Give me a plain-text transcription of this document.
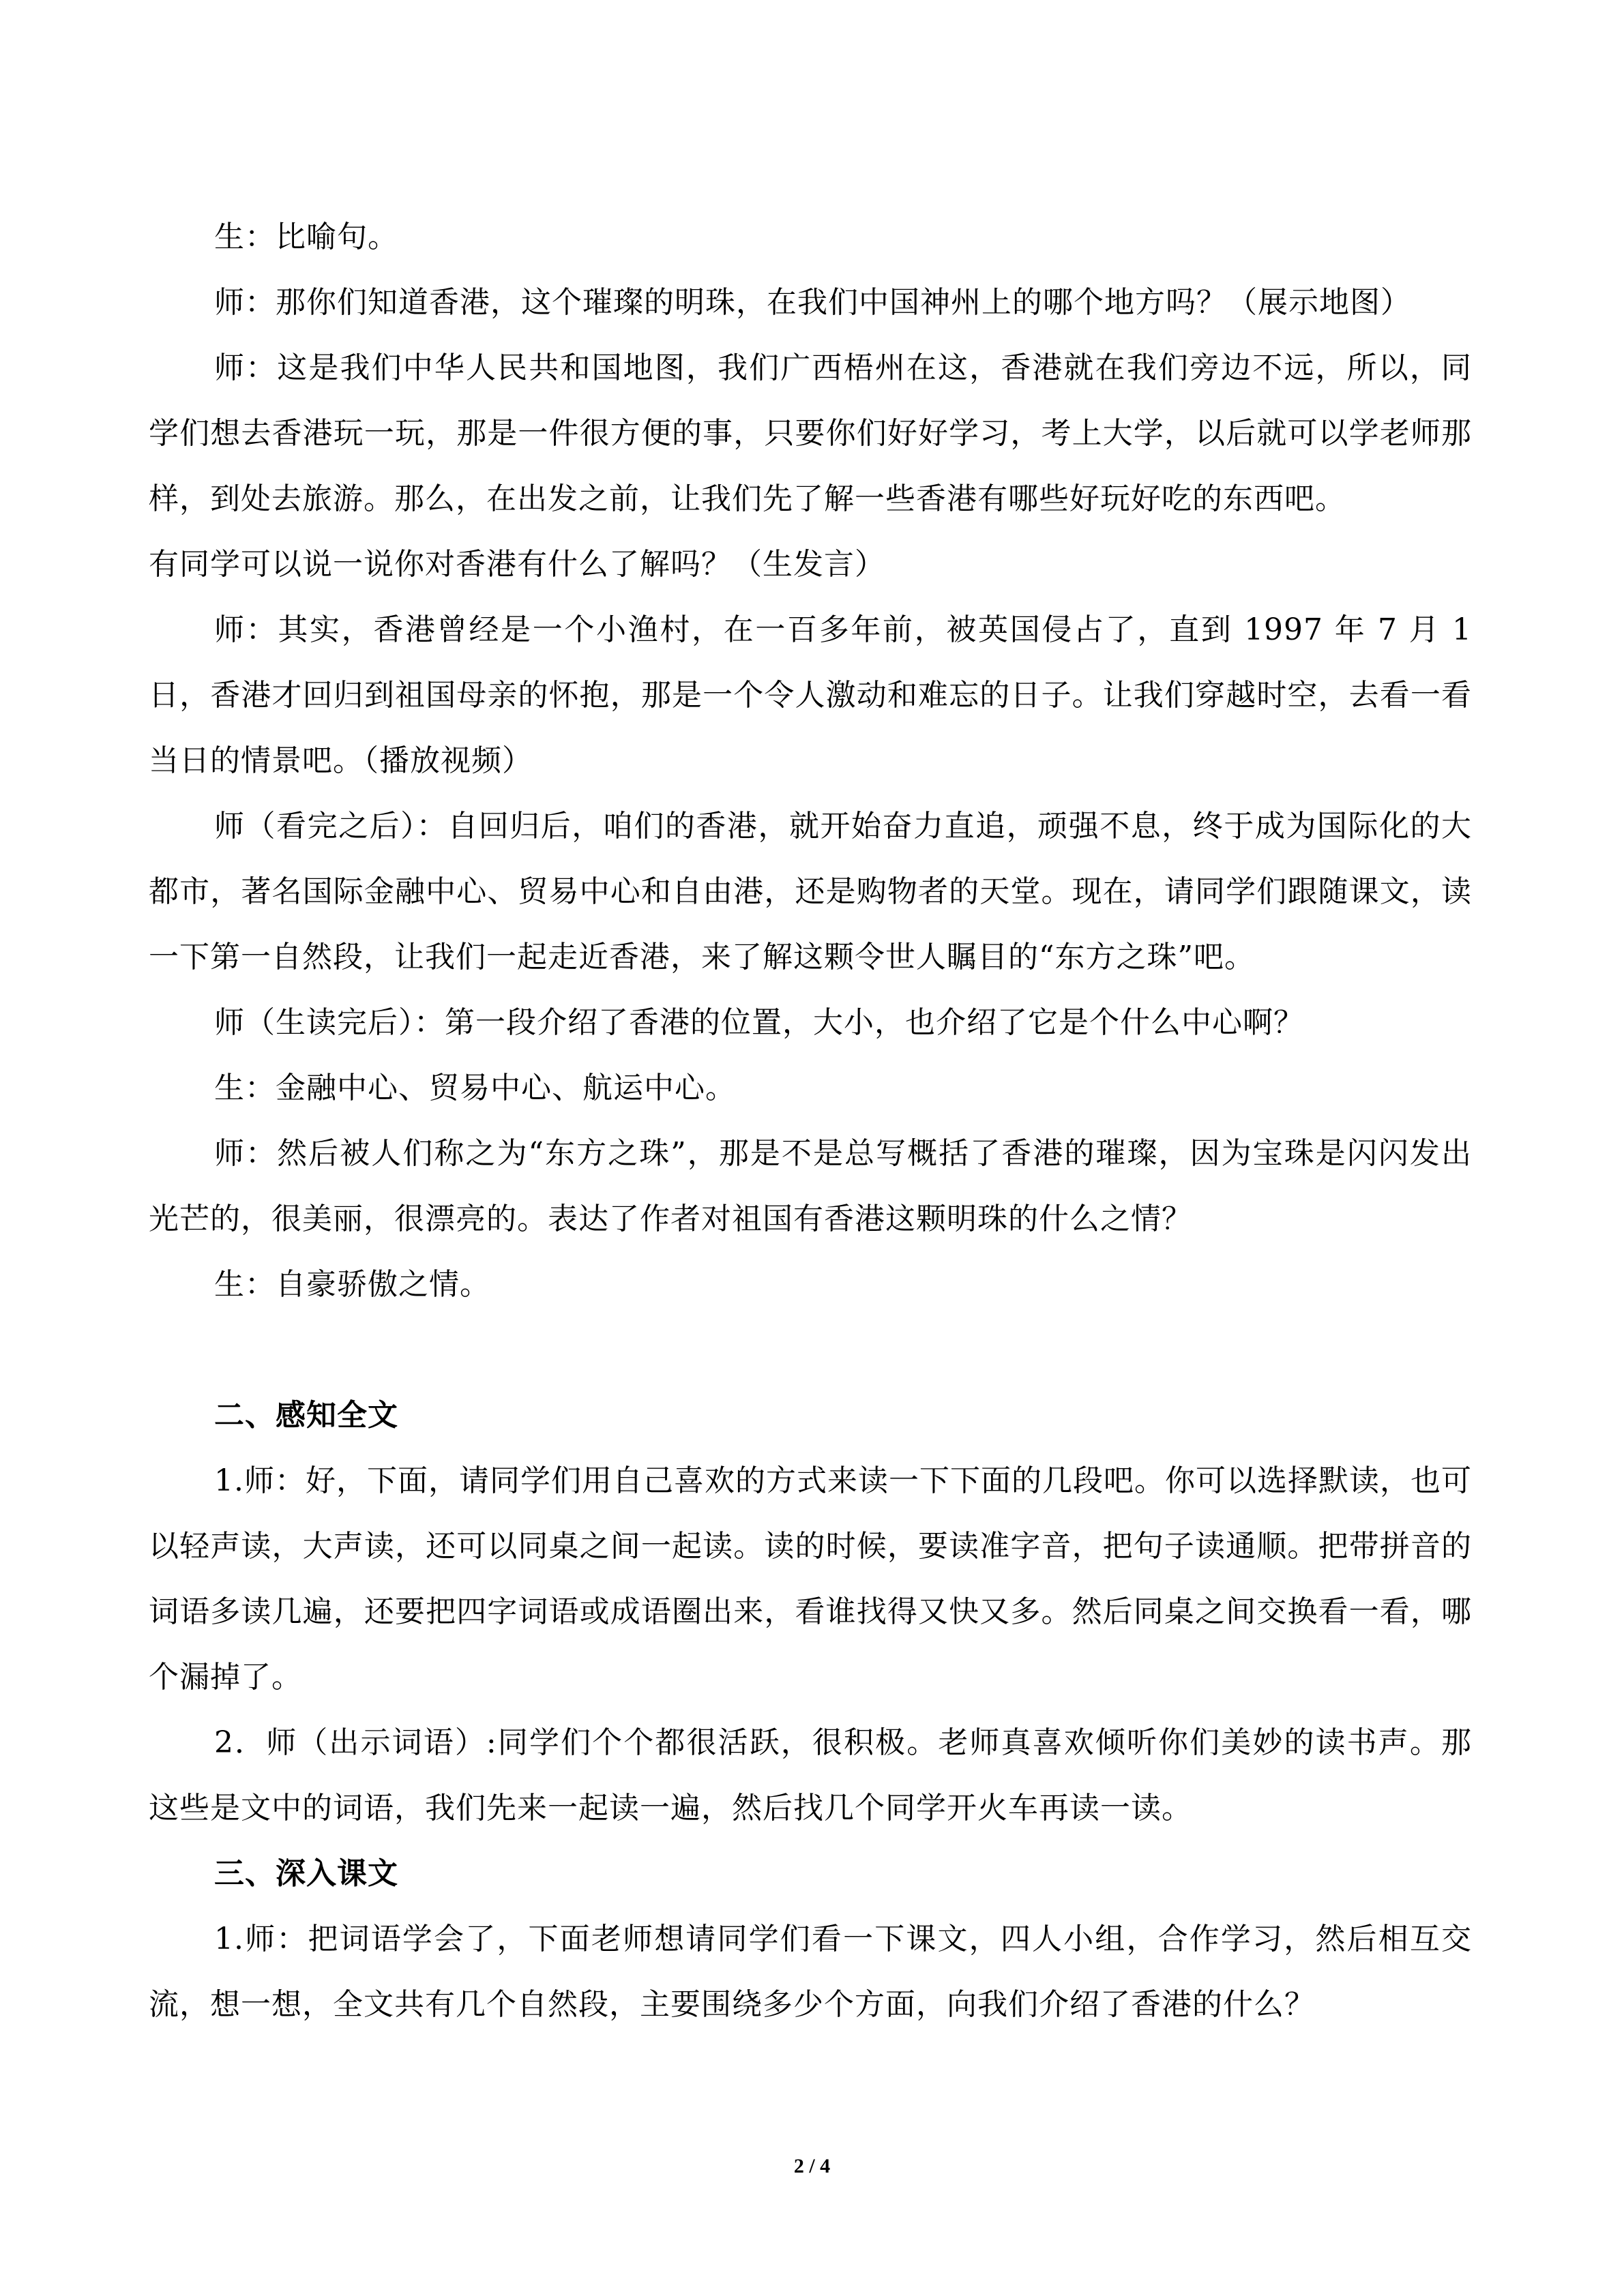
生：比喻句。

师：那你们知道香港，这个璀璨的明珠，在我们中国神州上的哪个地方吗？（展示地图）

师：这是我们中华人民共和国地图，我们广西梧州在这，香港就在我们旁边不远，所以，同学们想去香港玩一玩，那是一件很方便的事，只要你们好好学习，考上大学，以后就可以学老师那样，到处去旅游。那么，在出发之前，让我们先了解一些香港有哪些好玩好吃的东西吧。

有同学可以说一说你对香港有什么了解吗？（生发言）

师：其实，香港曾经是一个小渔村，在一百多年前，被英国侵占了，直到 1997 年 7 月 1 日，香港才回归到祖国母亲的怀抱，那是一个令人激动和难忘的日子。让我们穿越时空，去看一看当日的情景吧。（播放视频）

师（看完之后）：自回归后，咱们的香港，就开始奋力直追，顽强不息，终于成为国际化的大都市，著名国际金融中心、贸易中心和自由港，还是购物者的天堂。现在，请同学们跟随课文，读一下第一自然段，让我们一起走近香港，来了解这颗令世人瞩目的“东方之珠”吧。

师（生读完后）：第一段介绍了香港的位置，大小，也介绍了它是个什么中心啊？

生：金融中心、贸易中心、航运中心。

师：然后被人们称之为“东方之珠”，那是不是总写概括了香港的璀璨，因为宝珠是闪闪发出光芒的，很美丽，很漂亮的。表达了作者对祖国有香港这颗明珠的什么之情？

生：自豪骄傲之情。

二、感知全文

1.师：好，下面，请同学们用自己喜欢的方式来读一下下面的几段吧。你可以选择默读，也可以轻声读，大声读，还可以同桌之间一起读。读的时候，要读准字音，把句子读通顺。把带拼音的词语多读几遍，还要把四字词语或成语圈出来，看谁找得又快又多。然后同桌之间交换看一看，哪个漏掉了。

2．师（出示词语）:同学们个个都很活跃，很积极。老师真喜欢倾听你们美妙的读书声。那这些是文中的词语，我们先来一起读一遍，然后找几个同学开火车再读一读。

三、深入课文

1.师：把词语学会了，下面老师想请同学们看一下课文，四人小组，合作学习，然后相互交流，想一想，全文共有几个自然段，主要围绕多少个方面，向我们介绍了香港的什么？

2 / 4
